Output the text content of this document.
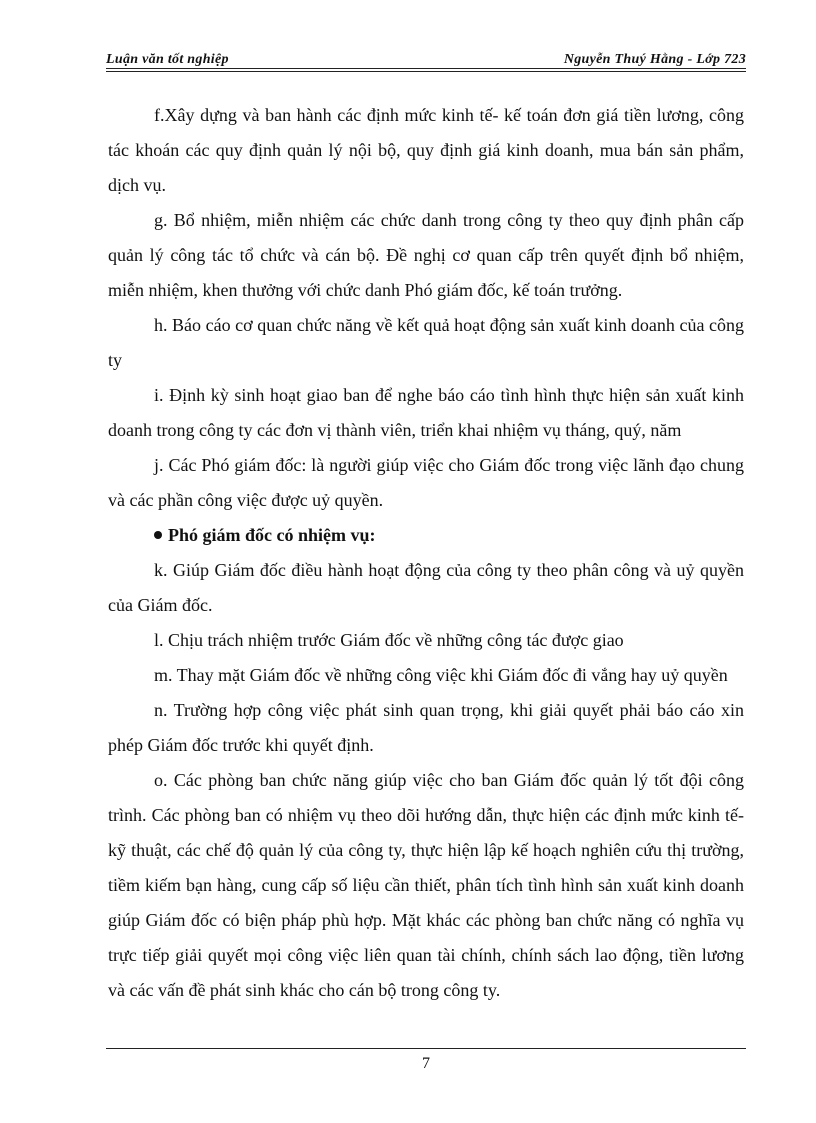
Luận văn tốt nghiệp	Nguyễn Thuý Hằng - Lớp 723

f.Xây dựng và ban hành các định mức kinh tế- kế toán đơn giá tiền lương, công tác khoán các quy định quản lý nội bộ, quy định giá kinh doanh, mua bán sản phẩm, dịch vụ.

g. Bổ nhiệm, miễn nhiệm các chức danh trong công ty theo quy định phân cấp quản lý công tác tổ chức và cán bộ. Đề nghị cơ quan cấp trên quyết định bổ nhiệm, miễn nhiệm, khen thưởng với chức danh Phó giám đốc, kế toán trưởng.

h. Báo cáo cơ quan chức năng về kết quả hoạt động sản xuất kinh doanh của công ty

i. Định kỳ sinh hoạt giao ban để nghe báo cáo tình hình thực hiện sản xuất kinh doanh trong công ty các đơn vị thành viên, triển khai nhiệm vụ tháng, quý, năm

j. Các Phó giám đốc: là người giúp việc cho Giám đốc trong việc lãnh đạo chung và các phần công việc được uỷ quyền.

Phó giám đốc có nhiệm vụ:

k. Giúp Giám đốc điều hành hoạt động của công ty theo phân công và uỷ quyền của Giám đốc.

l. Chịu trách nhiệm trước Giám đốc về những công tác được giao

m. Thay mặt Giám đốc về những công việc khi Giám đốc đi vắng hay uỷ quyền

n. Trường hợp công việc phát sinh quan trọng, khi giải quyết phải báo cáo xin phép Giám đốc trước khi quyết định.

o. Các phòng ban chức năng giúp việc cho ban Giám đốc quản lý tốt đội công trình. Các phòng ban có nhiệm vụ theo dõi hướng dẫn, thực hiện các định mức kinh tế- kỹ thuật, các chế độ quản lý của công ty, thực hiện lập kế hoạch nghiên cứu thị trường, tiềm kiếm bạn hàng, cung cấp số liệu cần thiết, phân tích tình hình sản xuất kinh doanh giúp Giám đốc có biện pháp phù hợp. Mặt khác các phòng ban chức năng có nghĩa vụ trực tiếp giải quyết mọi công việc liên quan tài chính, chính sách lao động, tiền lương và các vấn đề phát sinh khác cho cán bộ trong công ty.

7
